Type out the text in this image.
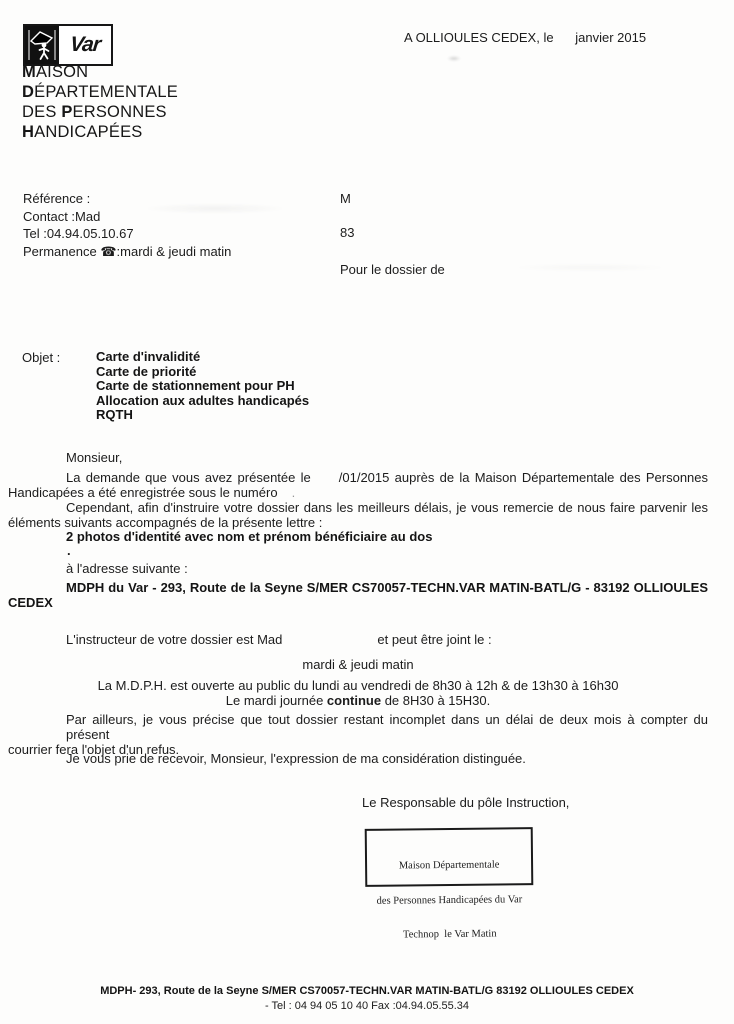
Var
MAISON
DÉPARTEMENTALE
DES PERSONNES
HANDICAPÉES
A OLLIOULES CEDEX, le      janvier 2015
Référence :
Contact :Mad
Tel :04.94.05.10.67
Permanence ☎:mardi & jeudi matin
M
83
Pour le dossier de
Objet :	Carte d'invalidité
Carte de priorité
Carte de stationnement pour PH
Allocation aux adultes handicapés
RQTH
Monsieur,
La demande que vous avez présentée le /01/2015 auprès de la Maison Départementale des Personnes
Handicapées a été enregistrée sous le numéro .
Cependant, afin d'instruire votre dossier dans les meilleurs délais, je vous remercie de nous faire parvenir les
éléments suivants accompagnés de la présente lettre :
2 photos d'identité avec nom et prénom bénéficiaire au dos
.
à l'adresse suivante :
MDPH du Var - 293, Route de la Seyne S/MER CS70057-TECHN.VAR MATIN-BATL/G - 83192 OLLIOULES
CEDEX
L'instructeur de votre dossier est Mad	et peut être joint le :
mardi & jeudi matin
La M.D.P.H. est ouverte au public du lundi au vendredi de 8h30 à 12h & de 13h30 à 16h30
Le mardi journée continue de 8H30 à 15H30.
Par ailleurs, je vous précise que tout dossier restant incomplet dans un délai de deux mois à compter du présent
courrier fera l'objet d'un refus.
Je vous prie de recevoir, Monsieur, l'expression de ma considération distinguée.
Le Responsable du pôle Instruction,

Maison Départementale

des Personnes Handicapées du Var

Technop  le Var Matin

MDPH- 293, Route de la Seyne S/MER CS70057-TECHN.VAR MATIN-BATL/G 83192 OLLIOULES CEDEX
- Tel : 04 94 05 10 40 Fax :04.94.05.55.34
